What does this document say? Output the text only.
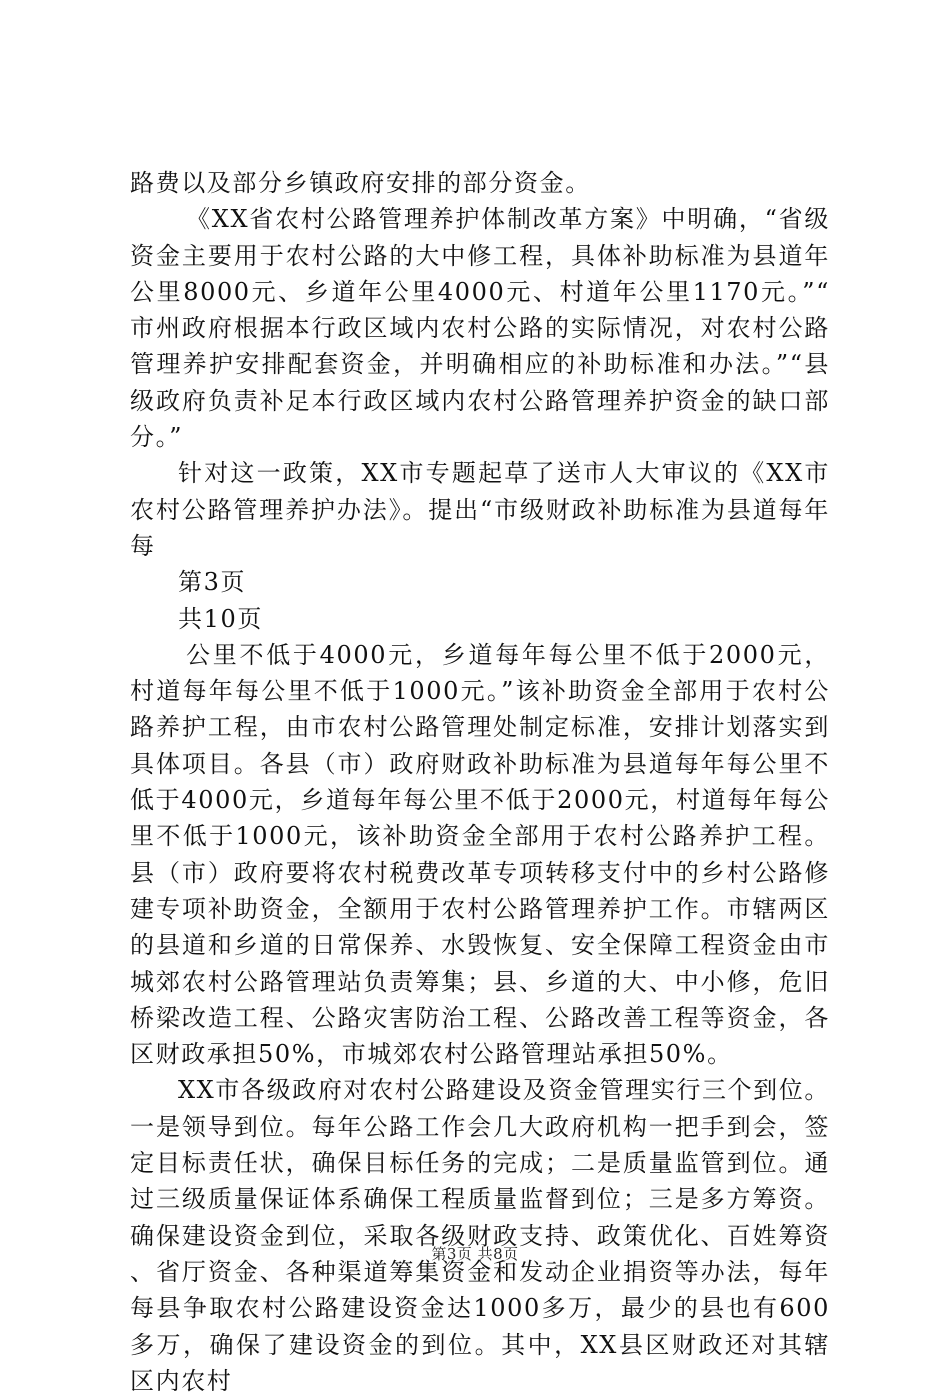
路费以及部分乡镇政府安排的部分资金。

《XX省农村公路管理养护体制改革方案》中明确，“省级资金主要用于农村公路的大中修工程，具体补助标准为县道年公里8000元、乡道年公里4000元、村道年公里1170元。”“市州政府根据本行政区域内农村公路的实际情况，对农村公路管理养护安排配套资金，并明确相应的补助标准和办法。”“县级政府负责补足本行政区域内农村公路管理养护资金的缺口部分。”

针对这一政策，XX市专题起草了送市人大审议的《XX市农村公路管理养护办法》。提出“市级财政补助标准为县道每年每

第3页

共10页

公里不低于4000元，乡道每年每公里不低于2000元，村道每年每公里不低于1000元。”该补助资金全部用于农村公路养护工程，由市农村公路管理处制定标准，安排计划落实到具体项目。各县（市）政府财政补助标准为县道每年每公里不低于4000元，乡道每年每公里不低于2000元，村道每年每公里不低于1000元，该补助资金全部用于农村公路养护工程。县（市）政府要将农村税费改革专项转移支付中的乡村公路修建专项补助资金，全额用于农村公路管理养护工作。市辖两区的县道和乡道的日常保养、水毁恢复、安全保障工程资金由市城郊农村公路管理站负责筹集；县、乡道的大、中小修，危旧桥梁改造工程、公路灾害防治工程、公路改善工程等资金，各区财政承担50%，市城郊农村公路管理站承担50%。

XX市各级政府对农村公路建设及资金管理实行三个到位。一是领导到位。每年公路工作会几大政府机构一把手到会，签定目标责任状，确保目标任务的完成；二是质量监管到位。通过三级质量保证体系确保工程质量监督到位；三是多方筹资。确保建设资金到位，采取各级财政支持、政策优化、百姓筹资、省厅资金、各种渠道筹集资金和发动企业捐资等办法，每年每县争取农村公路建设资金达1000多万，最少的县也有600多万，确保了建设资金的到位。其中，XX县区财政还对其辖区内农村

第3页 共8页
